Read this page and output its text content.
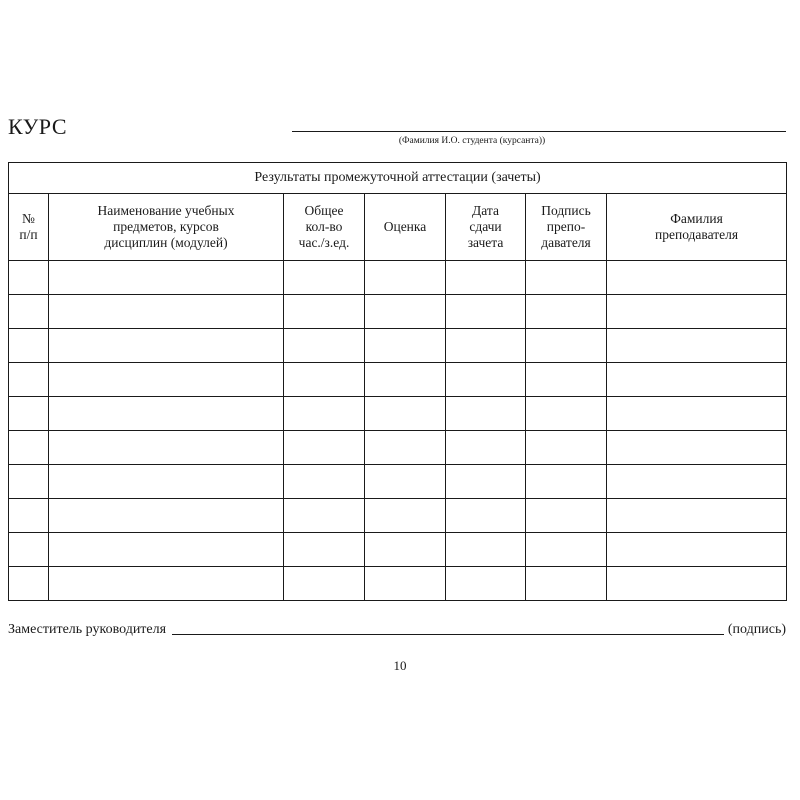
КУРС
(Фамилия И.О. студента (курсанта))
Результаты промежуточной аттестации (зачеты)						
№
п/п	Наименование учебных
предметов, курсов
дисциплин (модулей)	Общее
кол-во
час./з.ед.	Оценка	Дата
сдачи
зачета	Подпись
препо-
давателя	Фамилия
преподавателя

Заместитель руководителя	(подпись)
10
